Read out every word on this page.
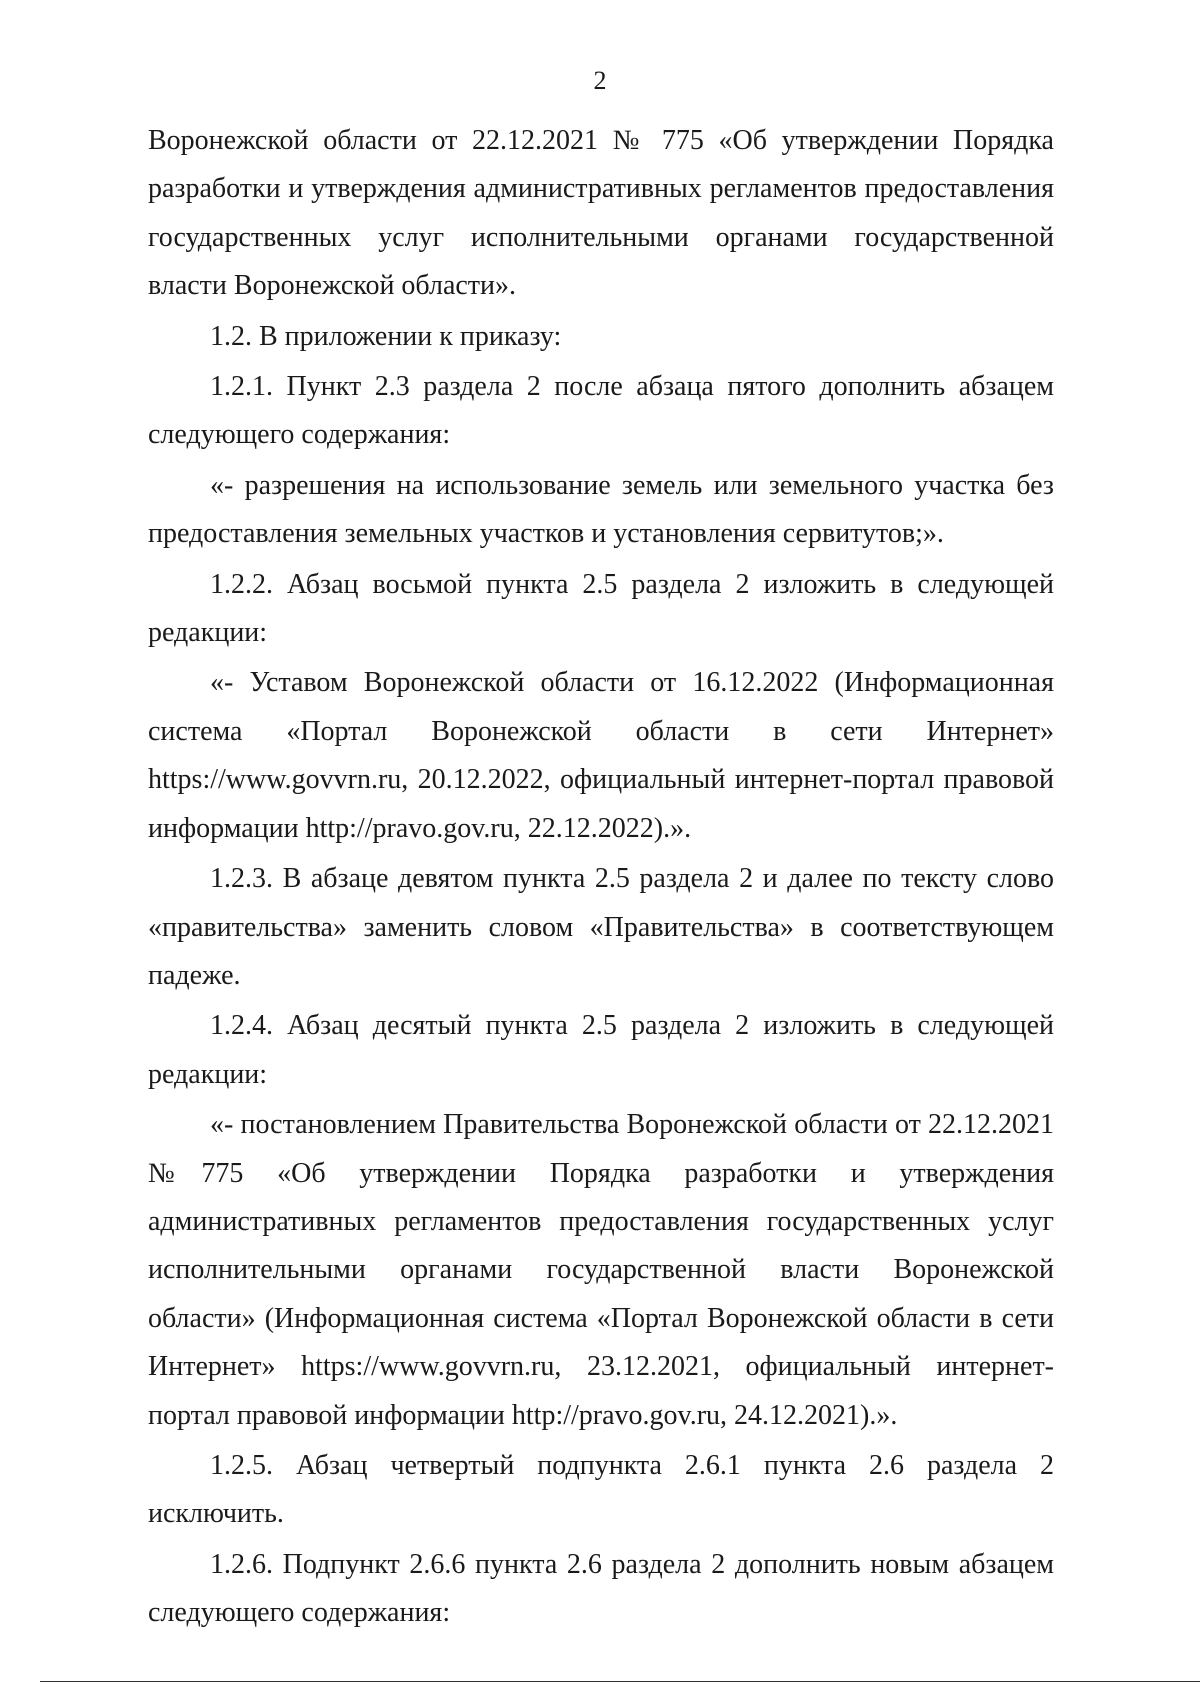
2

Воронежской области от 22.12.2021 № 775 «Об утверждении Порядка разработки и утверждения административных регламентов предоставления государственных услуг исполнительными органами государственной власти Воронежской области».

1.2. В приложении к приказу:

1.2.1. Пункт 2.3 раздела 2 после абзаца пятого дополнить абзацем следующего содержания:

«- разрешения на использование земель или земельного участка без предоставления земельных участков и установления сервитутов;».

1.2.2. Абзац восьмой пункта 2.5 раздела 2 изложить в следующей редакции:

«- Уставом Воронежской области от 16.12.2022 (Информационная система «Портал Воронежской области в сети Интернет» https://www.govvrn.ru, 20.12.2022, официальный интернет-портал правовой информации http://pravo.gov.ru, 22.12.2022).».

1.2.3. В абзаце девятом пункта 2.5 раздела 2 и далее по тексту слово «правительства» заменить словом «Правительства» в соответствующем падеже.

1.2.4. Абзац десятый пункта 2.5 раздела 2 изложить в следующей редакции:

«- постановлением Правительства Воронежской области от 22.12.2021 №775 «Об утверждении Порядка разработки и утверждения административных регламентов предоставления государственных услуг исполнительными органами государственной власти Воронежской области» (Информационная система «Портал Воронежской области в сети Интернет» https://www.govvrn.ru, 23.12.2021, официальный интернет-портал правовой информации http://pravo.gov.ru, 24.12.2021).».

1.2.5. Абзац четвертый подпункта 2.6.1 пункта 2.6 раздела 2 исключить.

1.2.6. Подпункт 2.6.6 пункта 2.6 раздела 2 дополнить новым абзацем следующего содержания:
